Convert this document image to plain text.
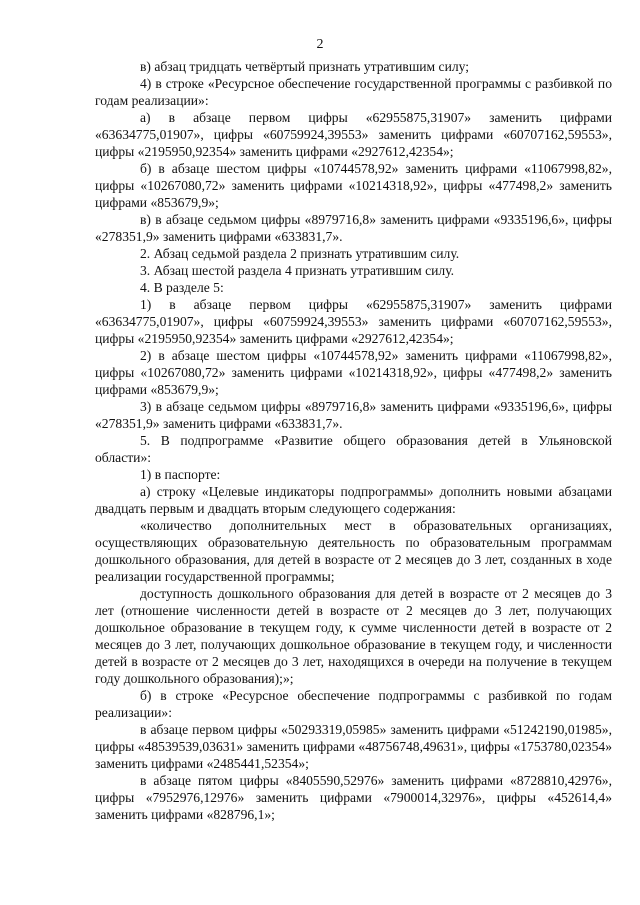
2

в) абзац тридцать четвёртый признать утратившим силу;

4) в строке «Ресурсное обеспечение государственной программы с разбивкой по годам реализации»:

а) в абзаце первом цифры «62955875,31907» заменить цифрами «63634775,01907», цифры «60759924,39553» заменить цифрами «60707162,59553», цифры «2195950,92354» заменить цифрами «2927612,42354»;

б) в абзаце шестом цифры «10744578,92» заменить цифрами «11067998,82», цифры «10267080,72» заменить цифрами «10214318,92», цифры «477498,2» заменить цифрами «853679,9»;

в) в абзаце седьмом цифры «8979716,8» заменить цифрами «9335196,6», цифры «278351,9» заменить цифрами «633831,7».

2. Абзац седьмой раздела 2 признать утратившим силу.

3. Абзац шестой раздела 4 признать утратившим силу.

4. В разделе 5:

1) в абзаце первом цифры «62955875,31907» заменить цифрами «63634775,01907», цифры «60759924,39553» заменить цифрами «60707162,59553», цифры «2195950,92354» заменить цифрами «2927612,42354»;

2) в абзаце шестом цифры «10744578,92» заменить цифрами «11067998,82», цифры «10267080,72» заменить цифрами «10214318,92», цифры «477498,2» заменить цифрами «853679,9»;

3) в абзаце седьмом цифры «8979716,8» заменить цифрами «9335196,6», цифры «278351,9» заменить цифрами «633831,7».

5. В подпрограмме «Развитие общего образования детей в Ульяновской области»:

1) в паспорте:

а) строку «Целевые индикаторы подпрограммы» дополнить новыми абзацами двадцать первым и двадцать вторым следующего содержания:

«количество дополнительных мест в образовательных организациях, осуществляющих образовательную деятельность по образовательным программам дошкольного образования, для детей в возрасте от 2 месяцев до 3 лет, созданных в ходе реализации государственной программы;

доступность дошкольного образования для детей в возрасте от 2 месяцев до 3 лет (отношение численности детей в возрасте от 2 месяцев до 3 лет, получающих дошкольное образование в текущем году, к сумме численности детей в возрасте от 2 месяцев до 3 лет, получающих дошкольное образование в текущем году, и численности детей в возрасте от 2 месяцев до 3 лет, находящихся в очереди на получение в текущем году дошкольного образования);»;

б) в строке «Ресурсное обеспечение подпрограммы с разбивкой по годам реализации»:

в абзаце первом цифры «50293319,05985» заменить цифрами «51242190,01985», цифры «48539539,03631» заменить цифрами «48756748,49631», цифры «1753780,02354» заменить цифрами «2485441,52354»;

в абзаце пятом цифры «8405590,52976» заменить цифрами «8728810,42976», цифры «7952976,12976» заменить цифрами «7900014,32976», цифры «452614,4» заменить цифрами «828796,1»;
